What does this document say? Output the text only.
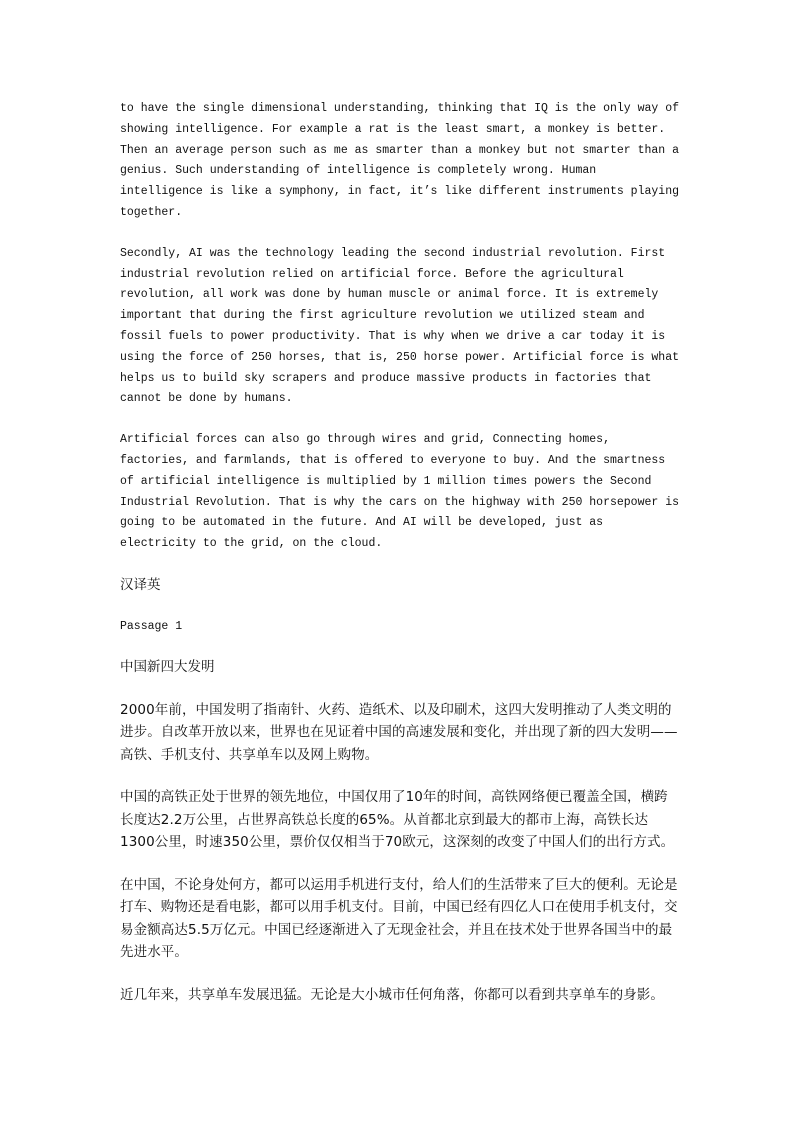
to have the single dimensional understanding, thinking that IQ is the only way of showing intelligence. For example a rat is the least smart, a monkey is better. Then an average person such as me as smarter than a monkey but not smarter than a genius. Such understanding of intelligence is completely wrong. Human intelligence is like a symphony, in fact, it’s like different instruments playing together.

Secondly, AI was the technology leading the second industrial revolution. First industrial revolution relied on artificial force. Before the agricultural revolution, all work was done by human muscle or animal force. It is extremely important that during the first agriculture revolution we utilized steam and fossil fuels to power productivity. That is why when we drive a car today it is using the force of 250 horses, that is, 250 horse power. Artificial force is what helps us to build sky scrapers and produce massive products in factories that cannot be done by humans.

Artificial forces can also go through wires and grid, Connecting homes, factories, and farmlands, that is offered to everyone to buy. And the smartness of artificial intelligence is multiplied by 1 million times powers the Second Industrial Revolution. That is why the cars on the highway with 250 horsepower is going to be automated in the future. And AI will be developed, just as electricity to the grid, on the cloud.

汉译英

Passage 1

中国新四大发明

2000年前，中国发明了指南针、火药、造纸术、以及印刷术，这四大发明推动了人类文明的进步。自改革开放以来，世界也在见证着中国的高速发展和变化，并出现了新的四大发明——高铁、手机支付、共享单车以及网上购物。

中国的高铁正处于世界的领先地位，中国仅用了10年的时间，高铁网络便已覆盖全国，横跨长度达2.2万公里，占世界高铁总长度的65%。从首都北京到最大的都市上海，高铁长达1300公里，时速350公里，票价仅仅相当于70欧元，这深刻的改变了中国人们的出行方式。

在中国，不论身处何方，都可以运用手机进行支付，给人们的生活带来了巨大的便利。无论是打车、购物还是看电影，都可以用手机支付。目前，中国已经有四亿人口在使用手机支付，交易金额高达5.5万亿元。中国已经逐渐进入了无现金社会，并且在技术处于世界各国当中的最先进水平。

近几年来，共享单车发展迅猛。无论是大小城市任何角落，你都可以看到共享单车的身影。
